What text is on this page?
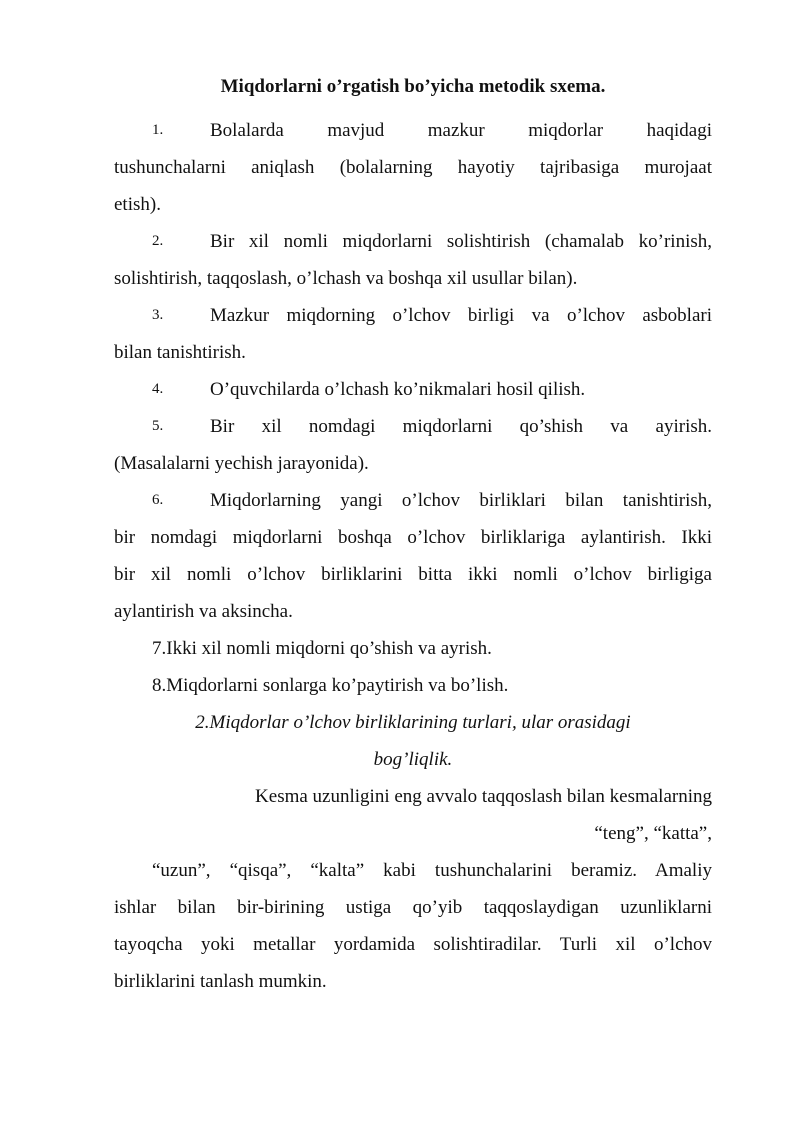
Miqdorlarni o’rgatish bo’yicha metodik sxema.
1.	Bolalarda mavjud mazkur miqdorlar haqidagi
tushunchalarni aniqlash (bolalarning hayotiy tajribasiga murojaat
etish).
2.	Bir xil nomli miqdorlarni solishtirish (chamalab ko’rinish,
solishtirish, taqqoslash, o’lchash va boshqa xil usullar bilan).
3.	Mazkur miqdorning o’lchov birligi va o’lchov asboblari
bilan tanishtirish.
4.	O’quvchilarda o’lchash ko’nikmalari hosil qilish.
5.	Bir xil nomdagi miqdorlarni qo’shish va ayirish.
(Masalalarni yechish jarayonida).
6.	Miqdorlarning yangi o’lchov birliklari bilan tanishtirish,
bir nomdagi miqdorlarni boshqa o’lchov birliklariga aylantirish. Ikki
bir xil nomli o’lchov birliklarini bitta ikki nomli o’lchov birligiga
aylantirish va aksincha.

7.Ikki xil nomli miqdorni qo’shish va ayrish.

8.Miqdorlarni sonlarga ko’paytirish va bo’lish.

2.Miqdorlar o’lchov birliklarining turlari, ular orasidagi
bog’liqlik.
Kesma uzunligini eng avvalo taqqoslash bilan kesmalarning
“teng”, “katta”,
“uzun”, “qisqa”, “kalta” kabi tushunchalarini beramiz. Amaliy
ishlar bilan bir-birining ustiga qo’yib taqqoslaydigan uzunliklarni
tayoqcha yoki metallar yordamida solishtiradilar. Turli xil o’lchov
birliklarini tanlash mumkin.
